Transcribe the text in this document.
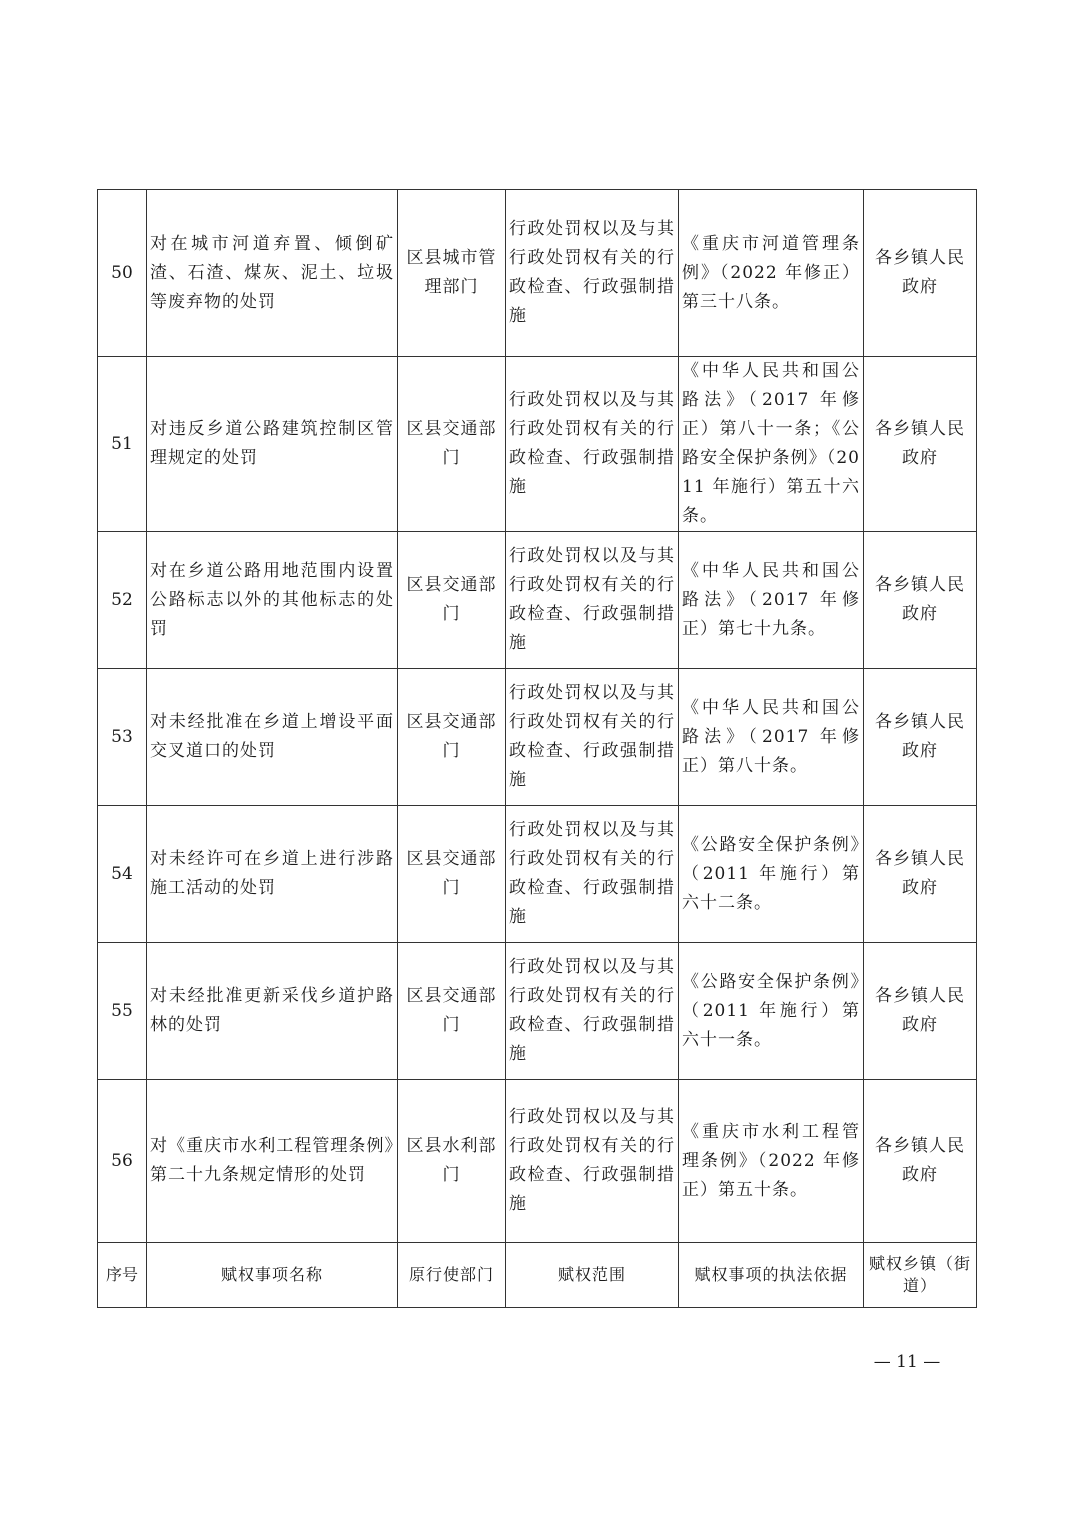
50	对在城市河道弃置、倾倒矿渣、石渣、煤灰、泥土、垃圾等废弃物的处罚	区县城市管理部门	行政处罚权以及与其行政处罚权有关的行政检查、行政强制措施	《重庆市河道管理条例》（2022 年修正）第三十八条。	各乡镇人民政府
51	对违反乡道公路建筑控制区管理规定的处罚	区县交通部门	行政处罚权以及与其行政处罚权有关的行政检查、行政强制措施	《中华人民共和国公路法》（2017 年修正）第八十一条；《公路安全保护条例》（2011 年施行）第五十六条。	各乡镇人民政府
52	对在乡道公路用地范围内设置公路标志以外的其他标志的处罚	区县交通部门	行政处罚权以及与其行政处罚权有关的行政检查、行政强制措施	《中华人民共和国公路法》（2017 年修正）第七十九条。	各乡镇人民政府
53	对未经批准在乡道上增设平面交叉道口的处罚	区县交通部门	行政处罚权以及与其行政处罚权有关的行政检查、行政强制措施	《中华人民共和国公路法》（2017 年修正）第八十条。	各乡镇人民政府
54	对未经许可在乡道上进行涉路施工活动的处罚	区县交通部门	行政处罚权以及与其行政处罚权有关的行政检查、行政强制措施	《公路安全保护条例》（2011 年施行）第六十二条。	各乡镇人民政府
55	对未经批准更新采伐乡道护路林的处罚	区县交通部门	行政处罚权以及与其行政处罚权有关的行政检查、行政强制措施	《公路安全保护条例》（2011 年施行）第六十一条。	各乡镇人民政府
56	对《重庆市水利工程管理条例》第二十九条规定情形的处罚	区县水利部门	行政处罚权以及与其行政处罚权有关的行政检查、行政强制措施	《重庆市水利工程管理条例》（2022 年修正）第五十条。	各乡镇人民政府
序号	赋权事项名称	原行使部门	赋权范围	赋权事项的执法依据	赋权乡镇（街道）
— 11 —
